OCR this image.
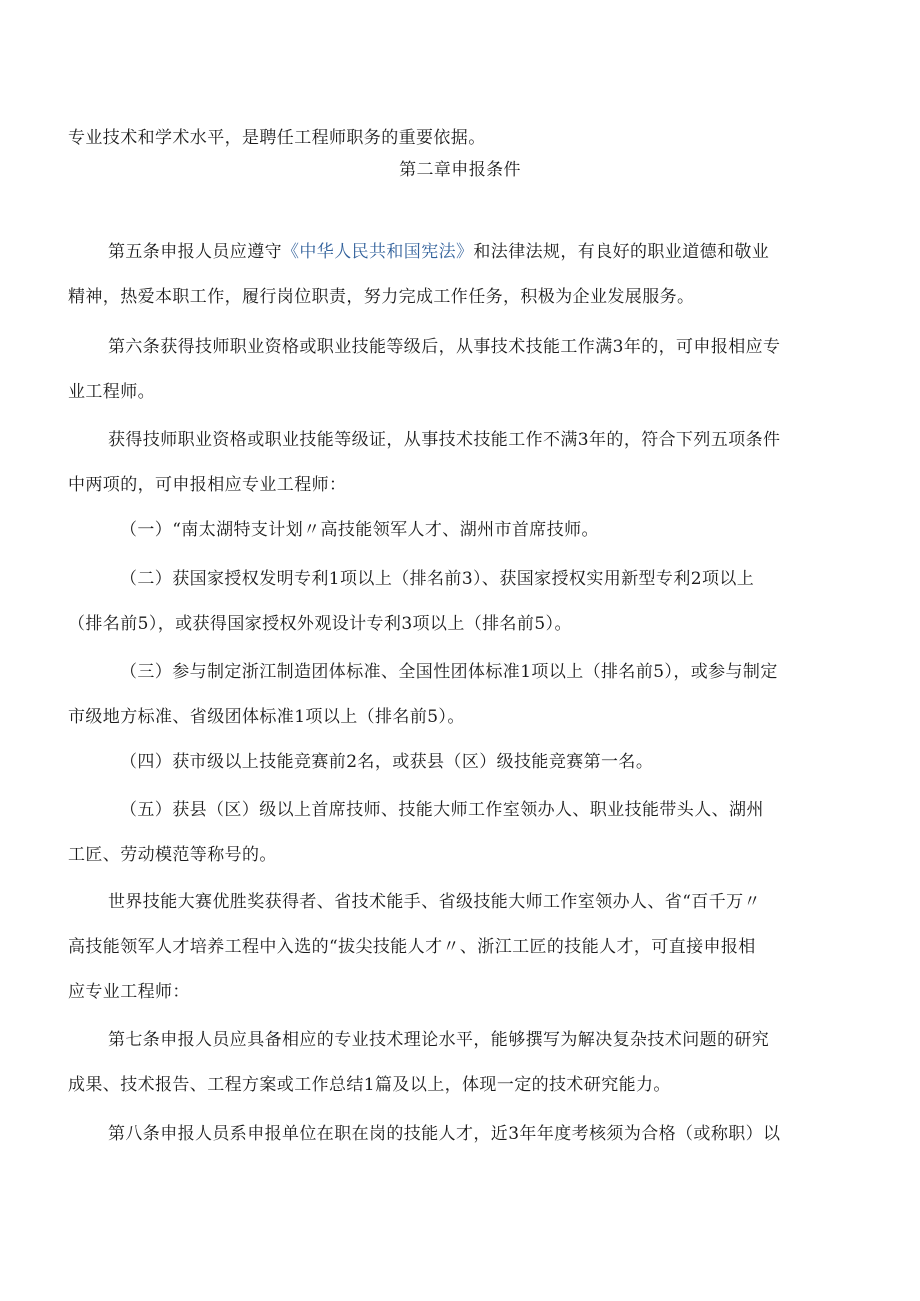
专业技术和学术水平，是聘任工程师职务的重要依据。
第二章申报条件
第五条申报人员应遵守《中华人民共和国宪法》和法律法规，有良好的职业道德和敬业
精神，热爱本职工作，履行岗位职责，努力完成工作任务，积极为企业发展服务。
第六条获得技师职业资格或职业技能等级后，从事技术技能工作满3年的，可申报相应专
业工程师。
获得技师职业资格或职业技能等级证，从事技术技能工作不满3年的，符合下列五项条件
中两项的，可申报相应专业工程师：
（一）“南太湖特支计划〃高技能领军人才、湖州市首席技师。
（二）获国家授权发明专利1项以上（排名前3）、获国家授权实用新型专利2项以上
（排名前5），或获得国家授权外观设计专利3项以上（排名前5）。
（三）参与制定浙江制造团体标准、全国性团体标准1项以上（排名前5），或参与制定
市级地方标准、省级团体标准1项以上（排名前5）。
（四）获市级以上技能竞赛前2名，或获县（区）级技能竞赛第一名。
（五）获县（区）级以上首席技师、技能大师工作室领办人、职业技能带头人、湖州
工匠、劳动模范等称号的。
世界技能大赛优胜奖获得者、省技术能手、省级技能大师工作室领办人、省“百千万〃
高技能领军人才培养工程中入选的“拔尖技能人才〃、浙江工匠的技能人才，可直接申报相
应专业工程师：
第七条申报人员应具备相应的专业技术理论水平，能够撰写为解决复杂技术问题的研究
成果、技术报告、工程方案或工作总结1篇及以上，体现一定的技术研究能力。
第八条申报人员系申报单位在职在岗的技能人才，近3年年度考核须为合格（或称职）以
